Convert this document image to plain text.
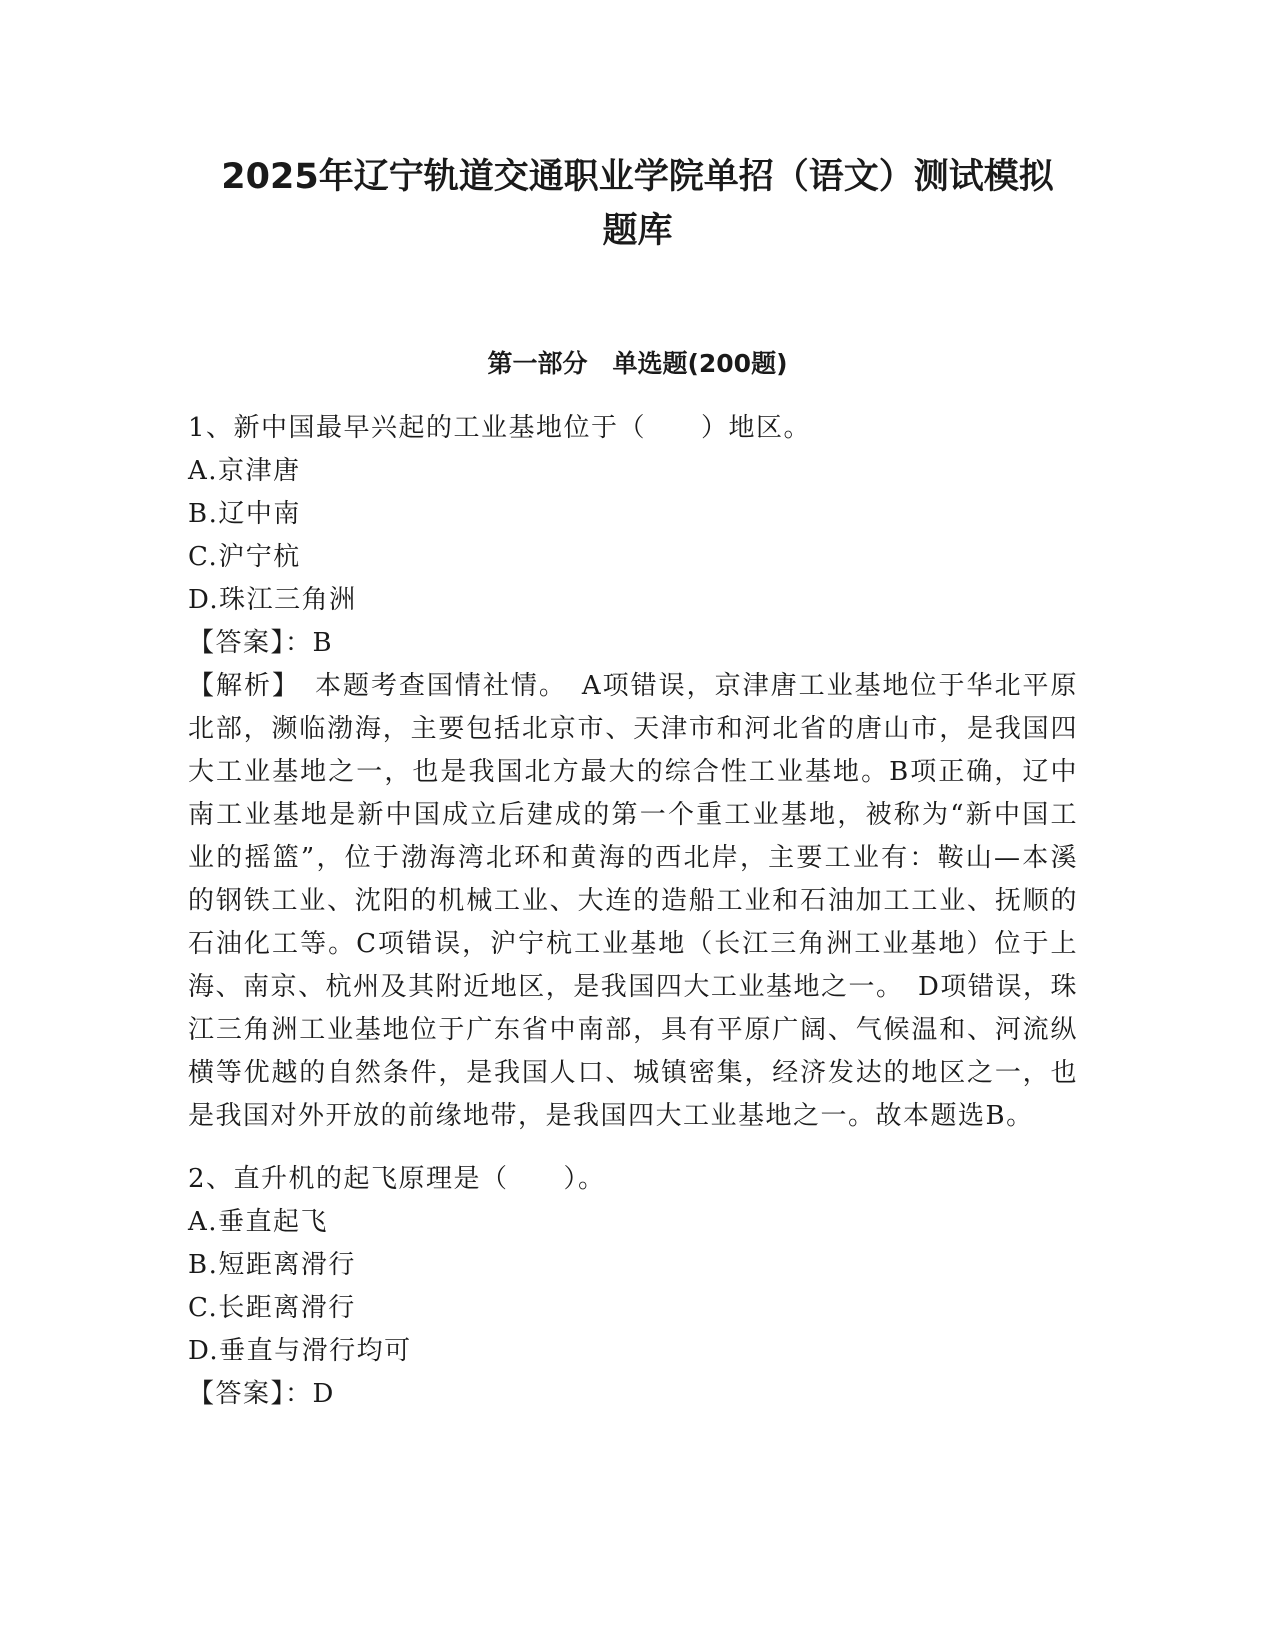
2025年辽宁轨道交通职业学院单招（语文）测试模拟
题库
第一部分　单选题(200题)

1、新中国最早兴起的工业基地位于（　　）地区。

A.京津唐

B.辽中南

C.沪宁杭

D.珠江三角洲

【答案】：B

【解析】　本题考查国情社情。　A项错误，京津唐工业基地位于华北平原北部，濒临渤海，主要包括北京市、天津市和河北省的唐山市，是我国四大工业基地之一，也是我国北方最大的综合性工业基地。B项正确，辽中南工业基地是新中国成立后建成的第一个重工业基地，被称为“新中国工业的摇篮”，位于渤海湾北环和黄海的西北岸，主要工业有：鞍山—本溪的钢铁工业、沈阳的机械工业、大连的造船工业和石油加工工业、抚顺的石油化工等。C项错误，沪宁杭工业基地（长江三角洲工业基地）位于上海、南京、杭州及其附近地区，是我国四大工业基地之一。　D项错误，珠江三角洲工业基地位于广东省中南部，具有平原广阔、气候温和、河流纵横等优越的自然条件，是我国人口、城镇密集，经济发达的地区之一，也是我国对外开放的前缘地带，是我国四大工业基地之一。故本题选B。

2、直升机的起飞原理是（　　）。

A.垂直起飞

B.短距离滑行

C.长距离滑行

D.垂直与滑行均可

【答案】：D
